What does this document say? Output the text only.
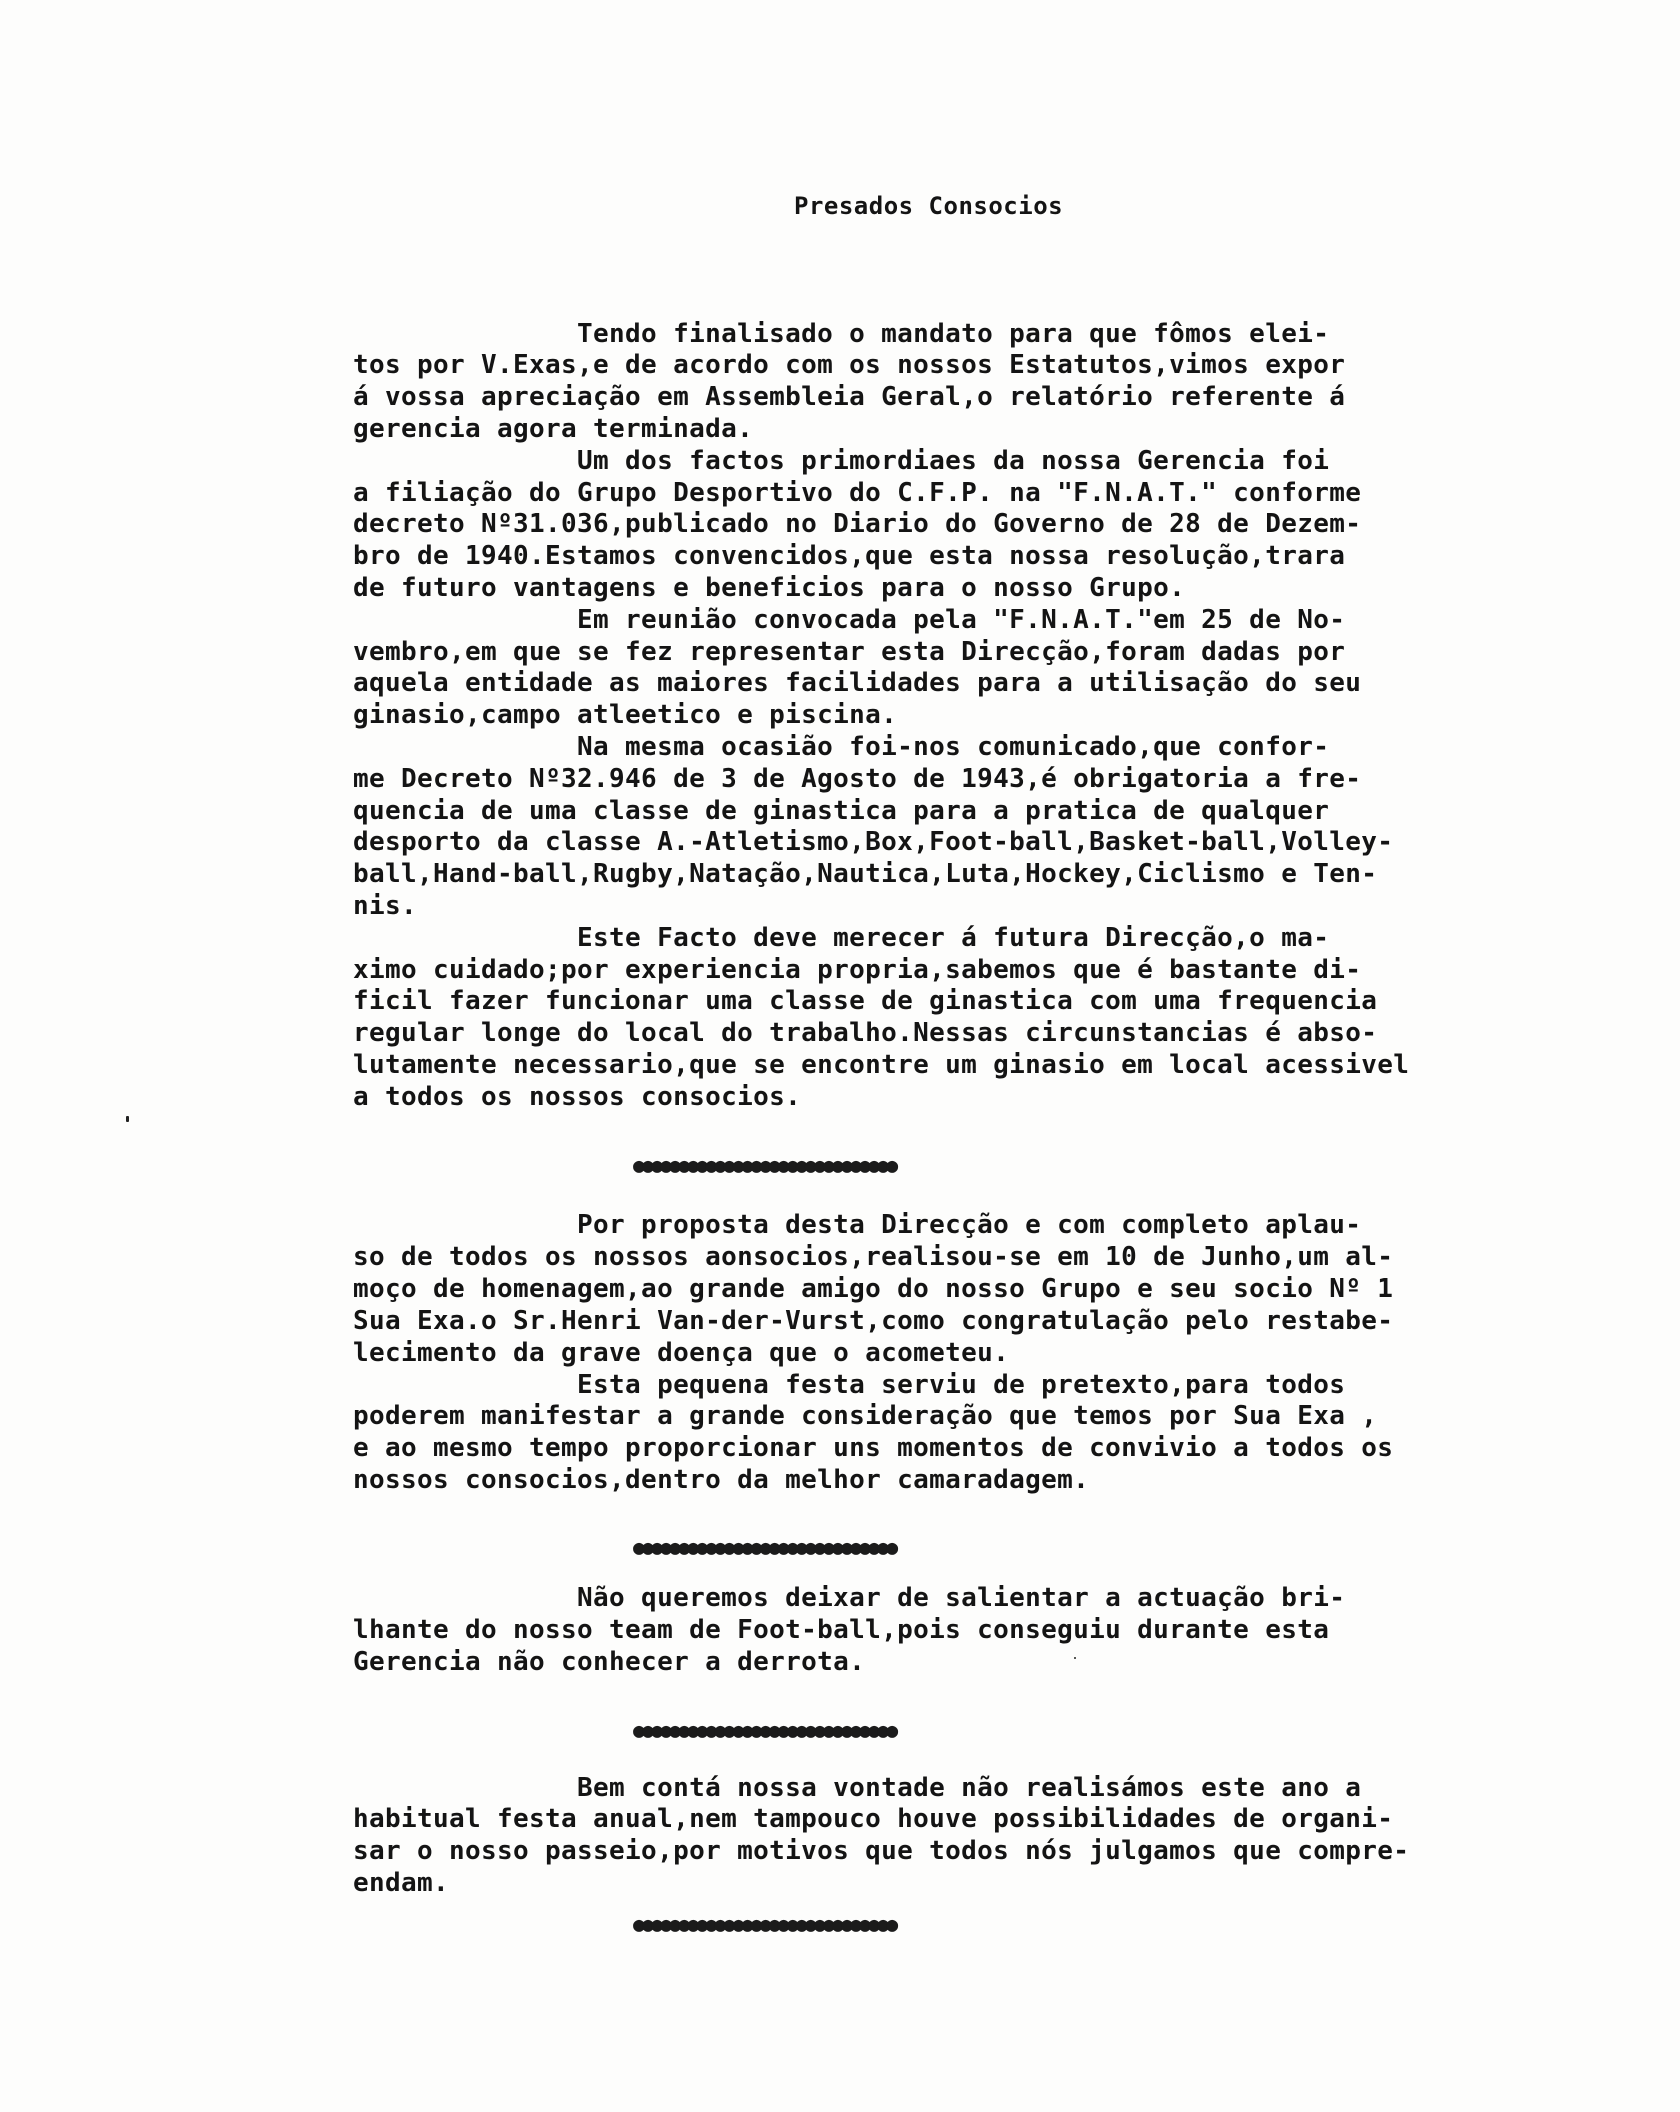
Presados Consocios
Tendo finalisado o mandato para que fômos elei-
tos por V.Exas,e de acordo com os nossos Estatutos,vimos expor
á vossa apreciação em Assembleia Geral,o relatório referente á
gerencia agora terminada.
Um dos factos primordiaes da nossa Gerencia foi
a filiação do Grupo Desportivo do C.F.P. na "F.N.A.T." conforme
decreto Nº31.036,publicado no Diario do Governo de 28 de Dezem-
bro de 1940.Estamos convencidos,que esta nossa resolução,trara
de futuro vantagens e beneficios para o nosso Grupo.
Em reunião convocada pela "F.N.A.T."em 25 de No-
vembro,em que se fez representar esta Direcção,foram dadas por
aquela entidade as maiores facilidades para a utilisação do seu
ginasio,campo atleetico e piscina.
Na mesma ocasião foi-nos comunicado,que confor-
me Decreto Nº32.946 de 3 de Agosto de 1943,é obrigatoria a fre-
quencia de uma classe de ginastica para a pratica de qualquer
desporto da classe A.-Atletismo,Box,Foot-ball,Basket-ball,Volley-
ball,Hand-ball,Rugby,Natação,Nautica,Luta,Hockey,Ciclismo e Ten-
nis.
Este Facto deve merecer á futura Direcção,o ma-
ximo cuidado;por experiencia propria,sabemos que é bastante di-
ficil fazer funcionar uma classe de ginastica com uma frequencia
regular longe do local do trabalho.Nessas circunstancias é abso-
lutamente necessario,que se encontre um ginasio em local acessivel
a todos os nossos consocios.
●●●●●●●●●●●●●●●●●●●●●●●●●●●●●
Por proposta desta Direcção e com completo aplau-
so de todos os nossos aonsocios,realisou-se em 10 de Junho,um al-
moço de homenagem,ao grande amigo do nosso Grupo e seu socio Nº 1
Sua Exa.o Sr.Henri Van-der-Vurst,como congratulação pelo restabe-
lecimento da grave doença que o acometeu.
Esta pequena festa serviu de pretexto,para todos
poderem manifestar a grande consideração que temos por Sua Exa ,
e ao mesmo tempo proporcionar uns momentos de convivio a todos os
nossos consocios,dentro da melhor camaradagem.
●●●●●●●●●●●●●●●●●●●●●●●●●●●●●
Não queremos deixar de salientar a actuação bri-
lhante do nosso team de Foot-ball,pois conseguiu durante esta
Gerencia não conhecer a derrota.
●●●●●●●●●●●●●●●●●●●●●●●●●●●●●
Bem contá nossa vontade não realisámos este ano a
habitual festa anual,nem tampouco houve possibilidades de organi-
sar o nosso passeio,por motivos que todos nós julgamos que compre-
endam.
●●●●●●●●●●●●●●●●●●●●●●●●●●●●●
